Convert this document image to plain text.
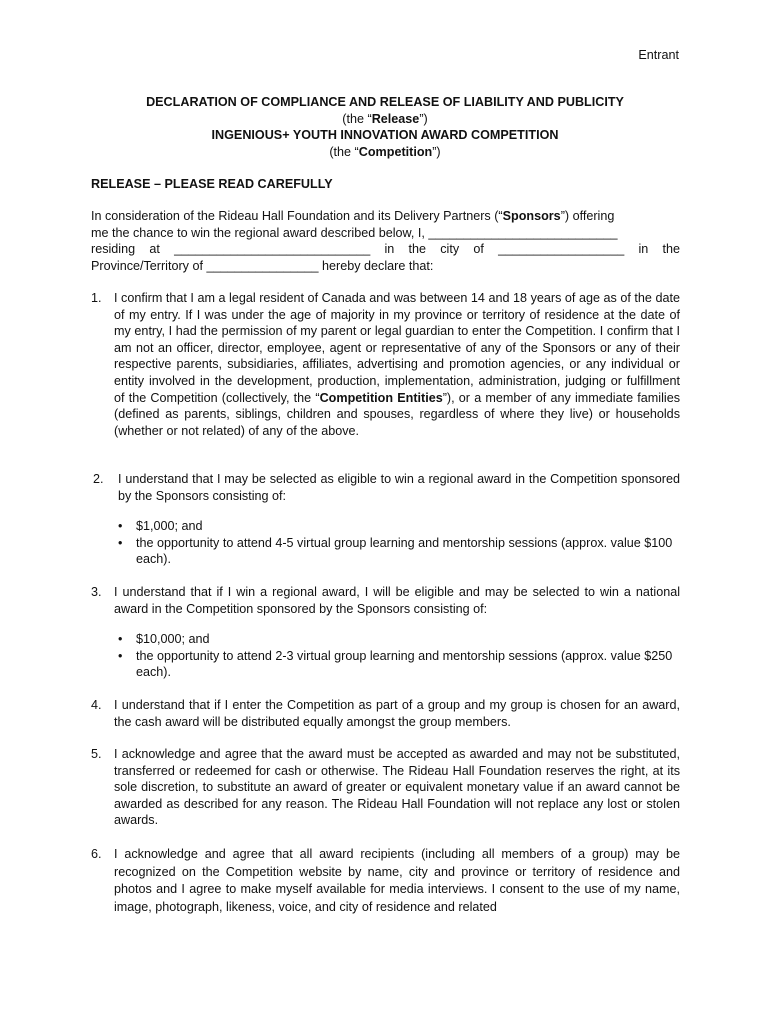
Entrant
DECLARATION OF COMPLIANCE AND RELEASE OF LIABILITY AND PUBLICITY
(the “Release”)
INGENIOUS+ YOUTH INNOVATION AWARD COMPETITION
(the “Competition”)
RELEASE – PLEASE READ CAREFULLY
In consideration of the Rideau Hall Foundation and its Delivery Partners (“Sponsors”) offering
me the chance to win the regional award described below, I, ___________________________
residing at ____________________________ in the city of __________________ in the
Province/Territory of ________________ hereby declare that:
1. I confirm that I am a legal resident of Canada and was between 14 and 18 years of age as of the date of my entry. If I was under the age of majority in my province or territory of residence at the date of my entry, I had the permission of my parent or legal guardian to enter the Competition. I confirm that I am not an officer, director, employee, agent or representative of any of the Sponsors or any of their respective parents, subsidiaries, affiliates, advertising and promotion agencies, or any individual or entity involved in the development, production, implementation, administration, judging or fulfillment of the Competition (collectively, the “Competition Entities”), or a member of any immediate families (defined as parents, siblings, children and spouses, regardless of where they live) or households (whether or not related) of any of the above.
2. I understand that I may be selected as eligible to win a regional award in the Competition sponsored by the Sponsors consisting of:
• $1,000; and
• the opportunity to attend 4-5 virtual group learning and mentorship sessions (approx. value $100 each).
3. I understand that if I win a regional award, I will be eligible and may be selected to win a national award in the Competition sponsored by the Sponsors consisting of:
• $10,000; and
• the opportunity to attend 2-3 virtual group learning and mentorship sessions (approx. value $250 each).
4. I understand that if I enter the Competition as part of a group and my group is chosen for an award, the cash award will be distributed equally amongst the group members.
5. I acknowledge and agree that the award must be accepted as awarded and may not be substituted, transferred or redeemed for cash or otherwise. The Rideau Hall Foundation reserves the right, at its sole discretion, to substitute an award of greater or equivalent monetary value if an award cannot be awarded as described for any reason. The Rideau Hall Foundation will not replace any lost or stolen awards.
6. I acknowledge and agree that all award recipients (including all members of a group) may be recognized on the Competition website by name, city and province or territory of residence and photos and I agree to make myself available for media interviews. I consent to the use of my name, image, photograph, likeness, voice, and city of residence and related
